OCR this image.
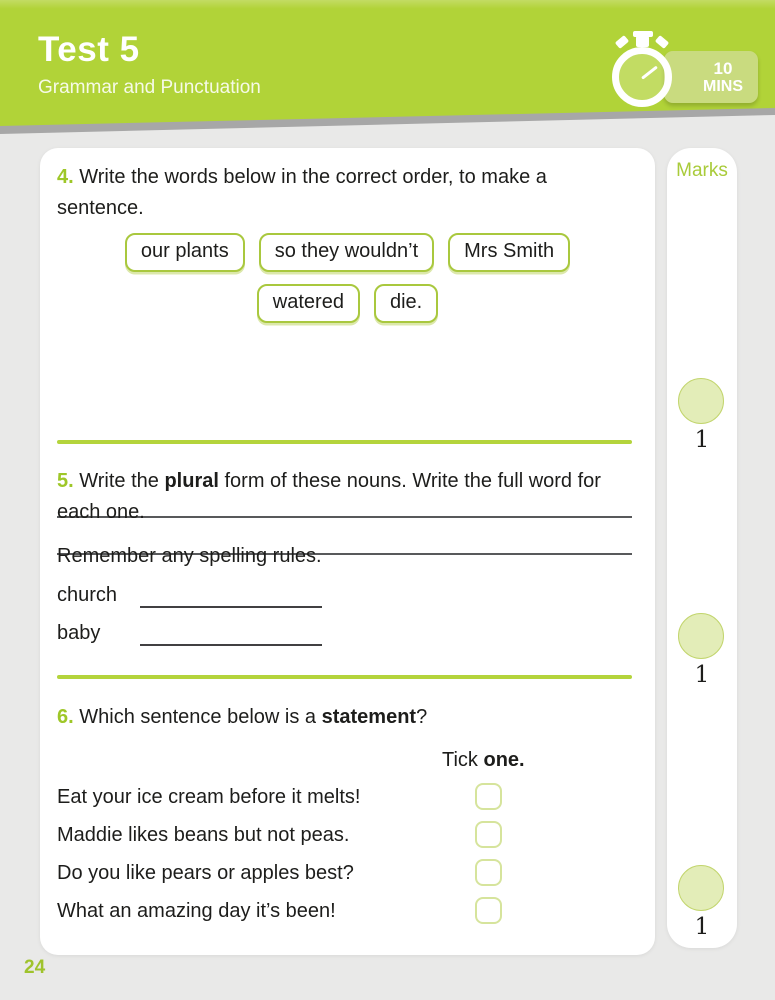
Test 5
Grammar and Punctuation
10
MINS
4. Write the words below in the correct order, to make a sentence.
our plants	so they wouldn’t	Mrs Smith
watered	die.
5. Write the plural form of these nouns. Write the full word for each one.
Remember any spelling rules.
church
baby
6. Which sentence below is a statement?
Tick one.
Eat your ice cream before it melts!
Maddie likes beans but not peas.
Do you like pears or apples best?
What an amazing day it’s been!
Marks
1
1
1
24
